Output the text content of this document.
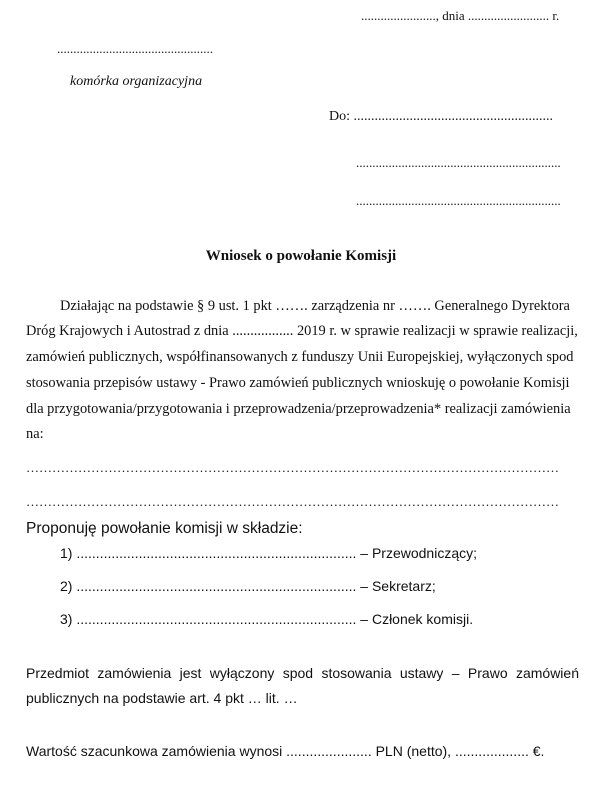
......................., dnia ......................... r.
................................................
komórka organizacyjna
Do: .........................................................
...............................................................
...............................................................
Wniosek o powołanie Komisji
Działając na podstawie § 9 ust. 1 pkt ……. zarządzenia nr ……. Generalnego Dyrektora
Dróg Krajowych i Autostrad z dnia ................. 2019 r. w sprawie realizacji w sprawie realizacji,
zamówień publicznych, współfinansowanych z funduszy Unii Europejskiej, wyłączonych spod
stosowania przepisów ustawy - Prawo zamówień publicznych wnioskuję o powołanie Komisji
dla przygotowania/przygotowania i przeprowadzenia/przeprowadzenia* realizacji zamówienia
na:
……………………………………………………………………………………………………………
……………………………………………………………………………………………………………
Proponuję powołanie komisji w składzie:
1) ........................................................................ – Przewodniczący;
2) ........................................................................ – Sekretarz;
3) ........................................................................ – Członek komisji.
Przedmiot zamówienia jest wyłączony spod stosowania ustawy – Prawo zamówień
publicznych na podstawie art. 4 pkt … lit. …
Wartość szacunkowa zamówienia wynosi ...................... PLN (netto), ................... €.
